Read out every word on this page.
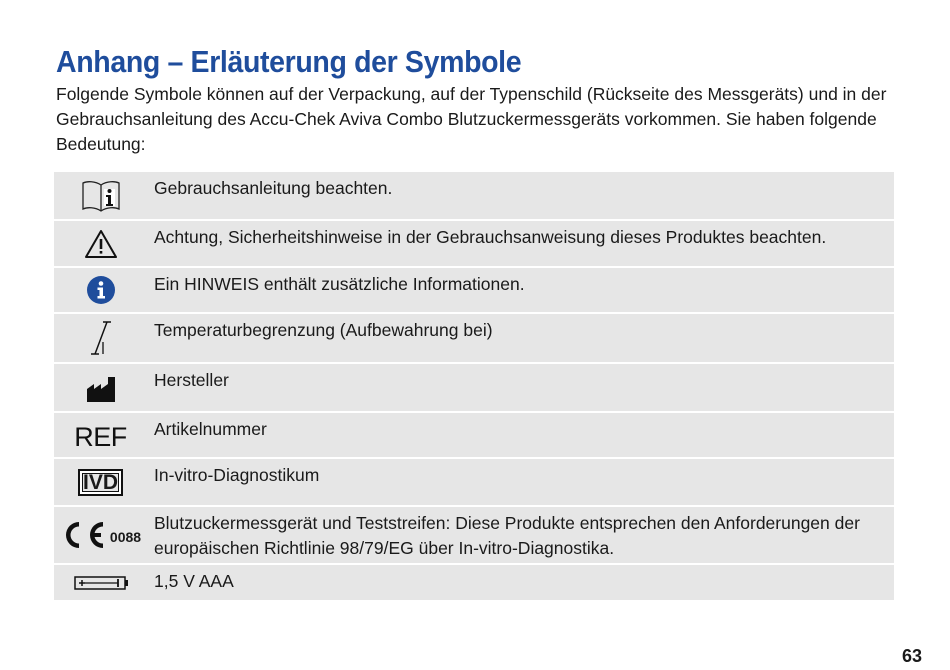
Anhang – Erläuterung der Symbole

Folgende Symbole können auf der Verpackung, auf der Typenschild (Rückseite des Messgeräts) und in der Gebrauchsanleitung des Accu-Chek Aviva Combo Blutzuckermessgeräts vorkommen. Sie haben folgende Bedeutung:

Gebrauchsanleitung beachten.
Achtung, Sicherheitshinweise in der Gebrauchsanweisung dieses Produktes beachten.
Ein HINWEIS enthält zusätzliche Informationen.
Temperaturbegrenzung (Aufbewahrung bei)
Hersteller
REF Artikelnummer
IVD In-vitro-Diagnostikum
0088
Blutzuckermessgerät und Teststreifen: Diese Produkte entsprechen den Anforderungen der europäischen Richtlinie 98/79/EG über In-vitro-Diagnostika.
1,5 V AAA
63
